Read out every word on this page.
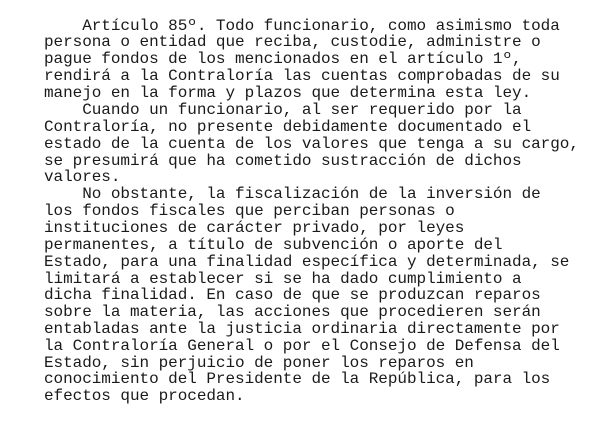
Artículo 85º. Todo funcionario, como asimismo toda
persona o entidad que reciba, custodie, administre o
pague fondos de los mencionados en el artículo 1º,
rendirá a la Contraloría las cuentas comprobadas de su
manejo en la forma y plazos que determina esta ley.
Cuando un funcionario, al ser requerido por la
Contraloría, no presente debidamente documentado el
estado de la cuenta de los valores que tenga a su cargo,
se presumirá que ha cometido sustracción de dichos
valores.
No obstante, la fiscalización de la inversión de
los fondos fiscales que perciban personas o
instituciones de carácter privado, por leyes
permanentes, a título de subvención o aporte del
Estado, para una finalidad específica y determinada, se
limitará a establecer si se ha dado cumplimiento a
dicha finalidad. En caso de que se produzcan reparos
sobre la materia, las acciones que procedieren serán
entabladas ante la justicia ordinaria directamente por
la Contraloría General o por el Consejo de Defensa del
Estado, sin perjuicio de poner los reparos en
conocimiento del Presidente de la República, para los
efectos que procedan.
